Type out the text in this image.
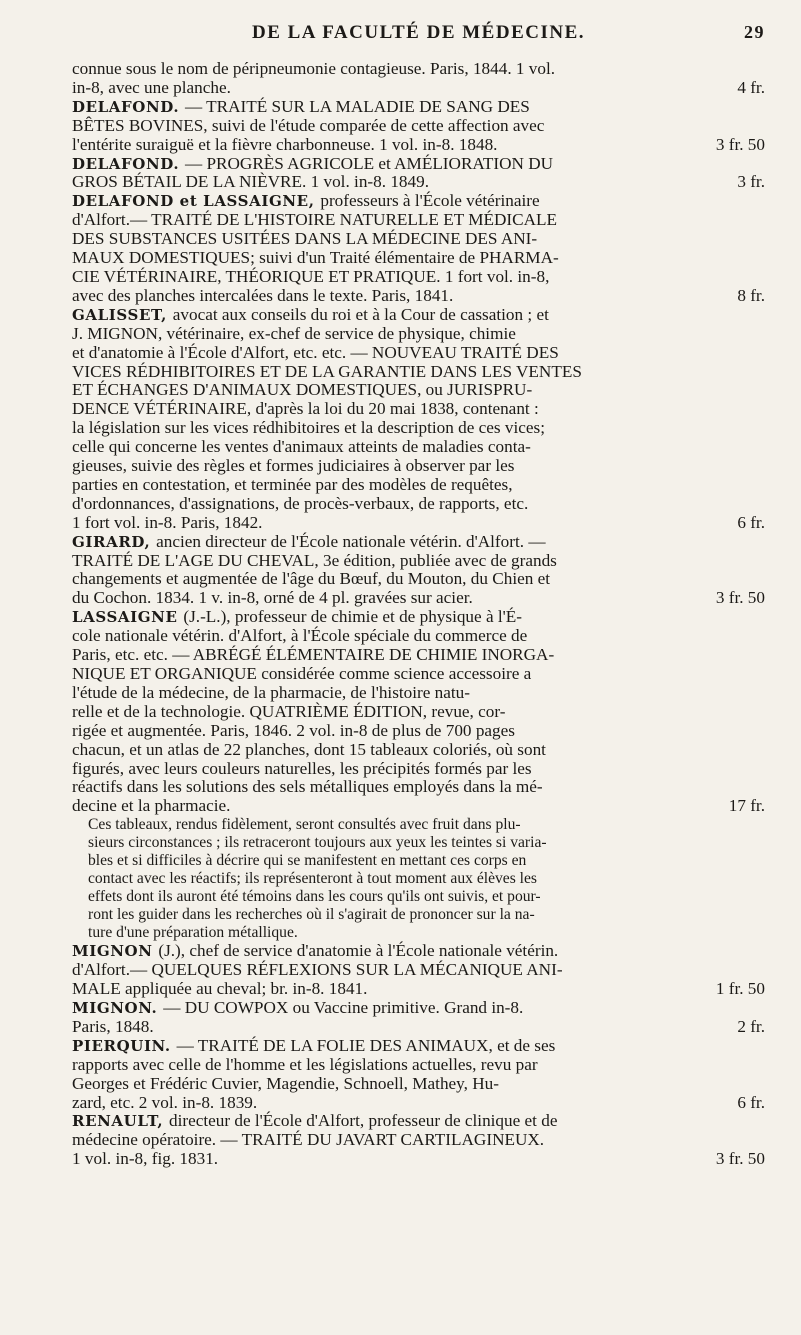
DE LA FACULTÉ DE MÉDECINE.	29
connue sous le nom de péripneumonie contagieuse. Paris, 1844. 1 vol.
in-8, avec une planche.	4 fr.
DELAFOND. — TRAITÉ SUR LA MALADIE DE SANG DES
BÊTES BOVINES, suivi de l'étude comparée de cette affection avec
l'entérite suraiguë et la fièvre charbonneuse. 1 vol. in-8. 1848.	3 fr. 50
DELAFOND. — PROGRÈS AGRICOLE et AMÉLIORATION DU
GROS BÉTAIL DE LA NIÈVRE. 1 vol. in-8. 1849.	3 fr.
DELAFOND et LASSAIGNE, professeurs à l'École vétérinaire
d'Alfort.— TRAITÉ DE L'HISTOIRE NATURELLE ET MÉDICALE
DES SUBSTANCES USITÉES DANS LA MÉDECINE DES ANI-
MAUX DOMESTIQUES; suivi d'un Traité élémentaire de PHARMA-
CIE VÉTÉRINAIRE, THÉORIQUE ET PRATIQUE. 1 fort vol. in-8,
avec des planches intercalées dans le texte. Paris, 1841.	8 fr.
GALISSET, avocat aux conseils du roi et à la Cour de cassation ; et
J. MIGNON, vétérinaire, ex-chef de service de physique, chimie
et d'anatomie à l'École d'Alfort, etc. etc. — NOUVEAU TRAITÉ DES
VICES RÉDHIBITOIRES ET DE LA GARANTIE DANS LES VENTES
ET ÉCHANGES D'ANIMAUX DOMESTIQUES, ou JURISPRU-
DENCE VÉTÉRINAIRE, d'après la loi du 20 mai 1838, contenant :
la législation sur les vices rédhibitoires et la description de ces vices;
celle qui concerne les ventes d'animaux atteints de maladies conta-
gieuses, suivie des règles et formes judiciaires à observer par les
parties en contestation, et terminée par des modèles de requêtes,
d'ordonnances, d'assignations, de procès-verbaux, de rapports, etc.
1 fort vol. in-8. Paris, 1842.	6 fr.
GIRARD, ancien directeur de l'École nationale vétérin. d'Alfort. —
TRAITÉ DE L'AGE DU CHEVAL, 3e édition, publiée avec de grands
changements et augmentée de l'âge du Bœuf, du Mouton, du Chien et
du Cochon. 1834. 1 v. in-8, orné de 4 pl. gravées sur acier.	3 fr. 50
LASSAIGNE (J.-L.), professeur de chimie et de physique à l'É-
cole nationale vétérin. d'Alfort, à l'École spéciale du commerce de
Paris, etc. etc. — ABRÉGÉ ÉLÉMENTAIRE DE CHIMIE INORGA-
NIQUE ET ORGANIQUE considérée comme science accessoire a
l'étude de la médecine, de la pharmacie, de l'histoire natu-
relle et de la technologie. QUATRIÈME ÉDITION, revue, cor-
rigée et augmentée. Paris, 1846. 2 vol. in-8 de plus de 700 pages
chacun, et un atlas de 22 planches, dont 15 tableaux coloriés, où sont
figurés, avec leurs couleurs naturelles, les précipités formés par les
réactifs dans les solutions des sels métalliques employés dans la mé-
decine et la pharmacie.	17 fr.
Ces tableaux, rendus fidèlement, seront consultés avec fruit dans plu-
sieurs circonstances ; ils retraceront toujours aux yeux les teintes si varia-
bles et si difficiles à décrire qui se manifestent en mettant ces corps en
contact avec les réactifs; ils représenteront à tout moment aux élèves les
effets dont ils auront été témoins dans les cours qu'ils ont suivis, et pour-
ront les guider dans les recherches où il s'agirait de prononcer sur la na-
ture d'une préparation métallique.
MIGNON (J.), chef de service d'anatomie à l'École nationale vétérin.
d'Alfort.— QUELQUES RÉFLEXIONS SUR LA MÉCANIQUE ANI-
MALE appliquée au cheval; br. in-8. 1841.	1 fr. 50
MIGNON. — DU COWPOX ou Vaccine primitive. Grand in-8.
Paris, 1848.	2 fr.
PIERQUIN. — TRAITÉ DE LA FOLIE DES ANIMAUX, et de ses
rapports avec celle de l'homme et les législations actuelles, revu par
Georges et Frédéric Cuvier, Magendie, Schnoell, Mathey, Hu-
zard, etc. 2 vol. in-8. 1839.	6 fr.
RENAULT, directeur de l'École d'Alfort, professeur de clinique et de
médecine opératoire. — TRAITÉ DU JAVART CARTILAGINEUX.
1 vol. in-8, fig. 1831.	3 fr. 50
